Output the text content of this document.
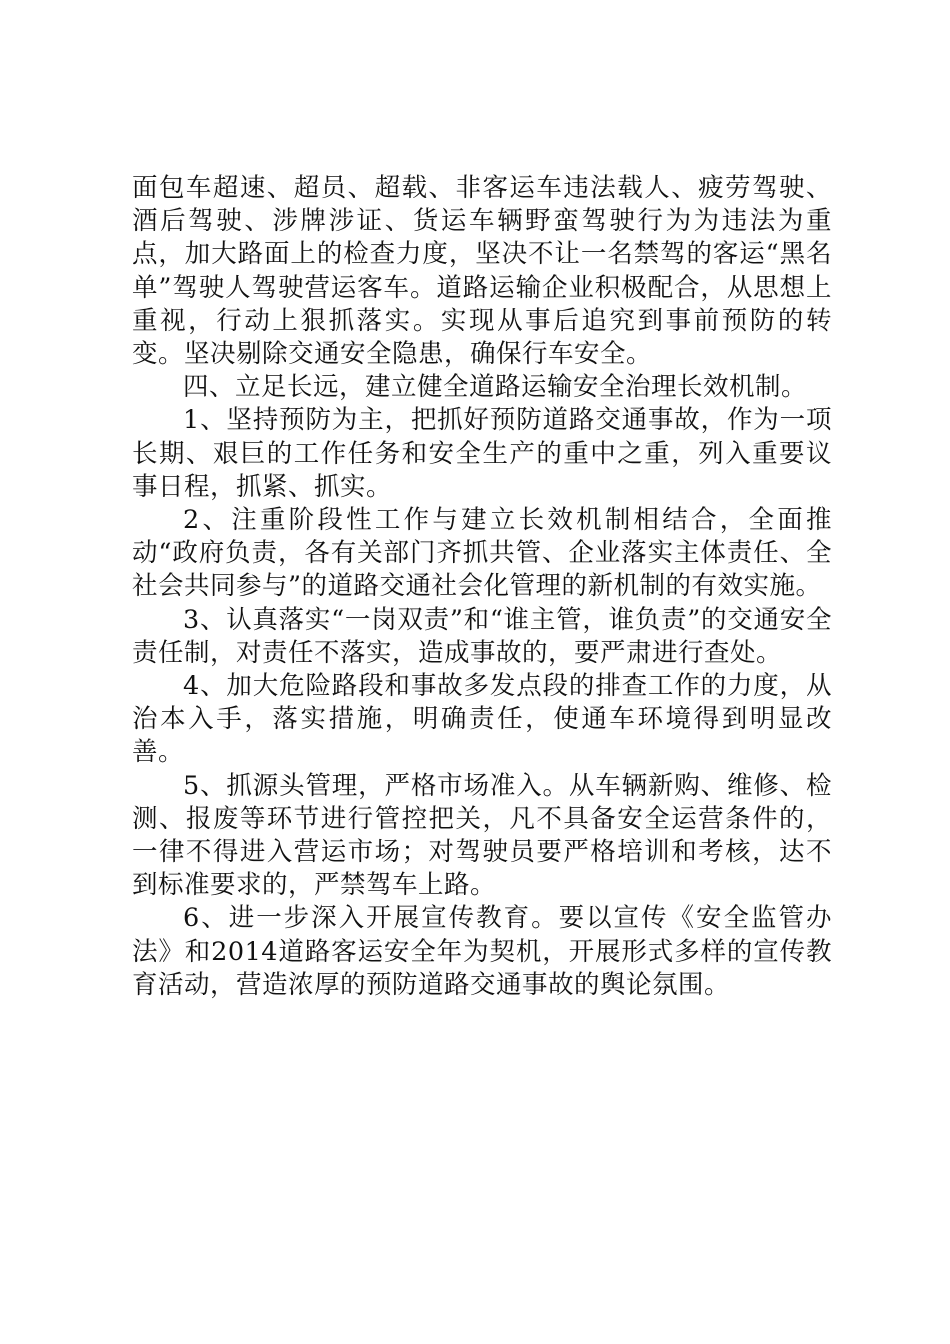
面包车超速、超员、超载、非客运车违法载人、疲劳驾驶、酒后驾驶、涉牌涉证、货运车辆野蛮驾驶行为为违法为重点，加大路面上的检查力度，坚决不让一名禁驾的客运“黑名单”驾驶人驾驶营运客车。道路运输企业积极配合，从思想上重视，行动上狠抓落实。实现从事后追究到事前预防的转变。坚决剔除交通安全隐患，确保行车安全。

四、立足长远，建立健全道路运输安全治理长效机制。

1、坚持预防为主，把抓好预防道路交通事故，作为一项长期、艰巨的工作任务和安全生产的重中之重，列入重要议事日程，抓紧、抓实。

2、注重阶段性工作与建立长效机制相结合，全面推动“政府负责，各有关部门齐抓共管、企业落实主体责任、全社会共同参与”的道路交通社会化管理的新机制的有效实施。

3、认真落实“一岗双责”和“谁主管，谁负责”的交通安全责任制，对责任不落实，造成事故的，要严肃进行查处。

4、加大危险路段和事故多发点段的排查工作的力度，从治本入手，落实措施，明确责任，使通车环境得到明显改善。

5、抓源头管理，严格市场准入。从车辆新购、维修、检测、报废等环节进行管控把关，凡不具备安全运营条件的，一律不得进入营运市场；对驾驶员要严格培训和考核，达不到标准要求的，严禁驾车上路。

6、进一步深入开展宣传教育。要以宣传《安全监管办法》和2014道路客运安全年为契机，开展形式多样的宣传教育活动，营造浓厚的预防道路交通事故的舆论氛围。
